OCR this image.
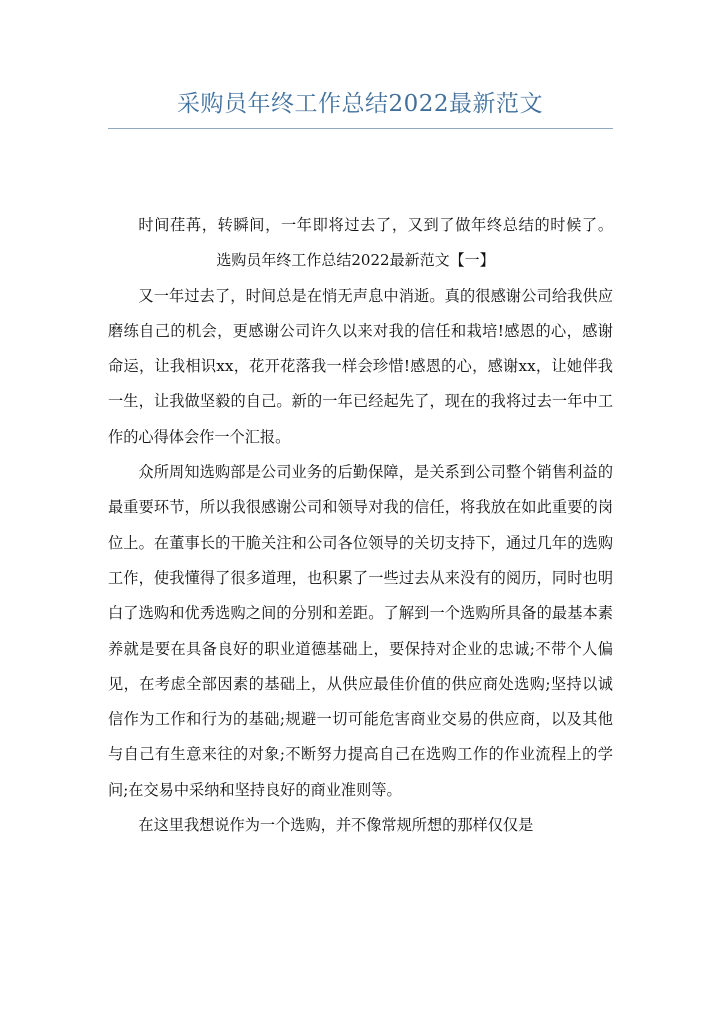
采购员年终工作总结2022最新范文

时间荏苒，转瞬间，一年即将过去了，又到了做年终总结的时候了。选购员年终工作总结2022最新范文【一】

又一年过去了，时间总是在悄无声息中消逝。真的很感谢公司给我供应磨练自己的机会，更感谢公司许久以来对我的信任和栽培!感恩的心，感谢命运，让我相识xx，花开花落我一样会珍惜!感恩的心，感谢xx，让她伴我一生，让我做坚毅的自己。新的一年已经起先了，现在的我将过去一年中工作的心得体会作一个汇报。

众所周知选购部是公司业务的后勤保障，是关系到公司整个销售利益的最重要环节，所以我很感谢公司和领导对我的信任，将我放在如此重要的岗位上。在董事长的干脆关注和公司各位领导的关切支持下，通过几年的选购工作，使我懂得了很多道理，也积累了一些过去从来没有的阅历，同时也明白了选购和优秀选购之间的分别和差距。了解到一个选购所具备的最基本素养就是要在具备良好的职业道德基础上，要保持对企业的忠诚;不带个人偏见，在考虑全部因素的基础上，从供应最佳价值的供应商处选购;坚持以诚信作为工作和行为的基础;规避一切可能危害商业交易的供应商，以及其他与自己有生意来往的对象;不断努力提高自己在选购工作的作业流程上的学问;在交易中采纳和坚持良好的商业准则等。

在这里我想说作为一个选购，并不像常规所想的那样仅仅是
